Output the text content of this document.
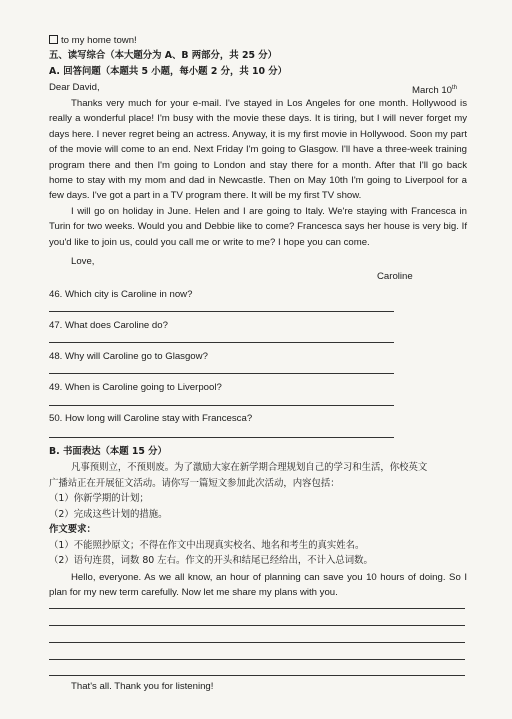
to my home town!
五、读写综合（本大题分为 A、B 两部分，共 25 分）
A. 回答问题（本题共 5 小题，每小题 2 分，共 10 分）
Dear David,	March 10th
Thanks very much for your e-mail. I've stayed in Los Angeles for one month. Hollywood is really a wonderful place! I'm busy with the movie these days. It is tiring, but I will never forget my days here. I never regret being an actress. Anyway, it is my first movie in Hollywood. Soon my part of the movie will come to an end. Next Friday I'm going to Glasgow. I'll have a three-week training program there and then I'm going to London and stay there for a month. After that I'll go back home to stay with my mom and dad in Newcastle. Then on May 10th I'm going to Liverpool for a few days. I've got a part in a TV program there. It will be my first TV show.
I will go on holiday in June. Helen and I are going to Italy. We're staying with Francesca in Turin for two weeks. Would you and Debbie like to come? Francesca says her house is very big. If you'd like to join us, could you call me or write to me? I hope you can come.
Love,
Caroline
46. Which city is Caroline in now?
47. What does Caroline do?
48. Why will Caroline go to Glasgow?
49. When is Caroline going to Liverpool?
50. How long will Caroline stay with Francesca?
B. 书面表达（本题 15 分）
凡事预则立，不预则废。为了激励大家在新学期合理规划自己的学习和生活，你校英文
广播站正在开展征文活动。请你写一篇短文参加此次活动，内容包括：
（1）你新学期的计划；
（2）完成这些计划的措施。
作文要求：
（1）不能照抄原文；不得在作文中出现真实校名、地名和考生的真实姓名。
（2）语句连贯，词数 80 左右。作文的开头和结尾已经给出，不计入总词数。
Hello, everyone. As we all know, an hour of planning can save you 10 hours of doing. So I plan for my new term carefully. Now let me share my plans with you.
That's all. Thank you for listening!
